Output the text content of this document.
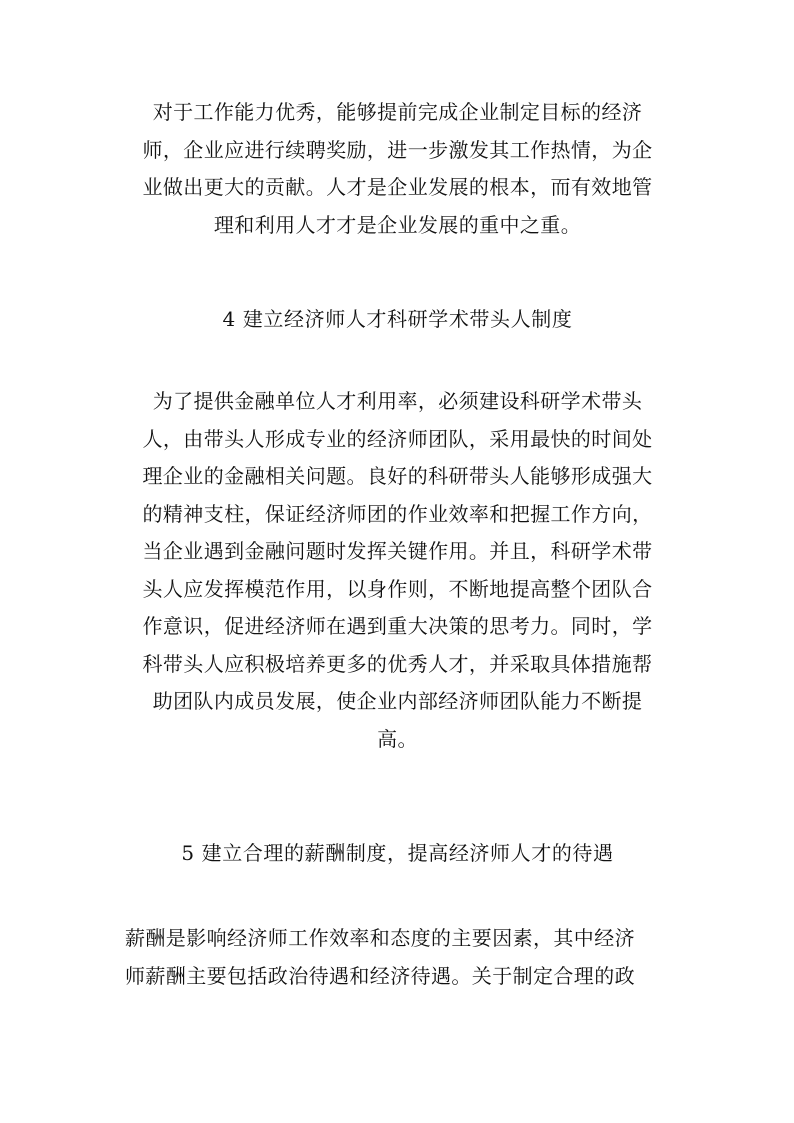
对于工作能力优秀，能够提前完成企业制定目标的经济
师，企业应进行续聘奖励，进一步激发其工作热情，为企
业做出更大的贡献。人才是企业发展的根本，而有效地管
理和利用人才才是企业发展的重中之重。
4 建立经济师人才科研学术带头人制度
为了提供金融单位人才利用率，必须建设科研学术带头
人，由带头人形成专业的经济师团队，采用最快的时间处
理企业的金融相关问题。良好的科研带头人能够形成强大
的精神支柱，保证经济师团的作业效率和把握工作方向，
当企业遇到金融问题时发挥关键作用。并且，科研学术带
头人应发挥模范作用，以身作则，不断地提高整个团队合
作意识，促进经济师在遇到重大决策的思考力。同时，学
科带头人应积极培养更多的优秀人才，并采取具体措施帮
助团队内成员发展，使企业内部经济师团队能力不断提
高。
5 建立合理的薪酬制度，提高经济师人才的待遇
薪酬是影响经济师工作效率和态度的主要因素，其中经济
师薪酬主要包括政治待遇和经济待遇。关于制定合理的政
